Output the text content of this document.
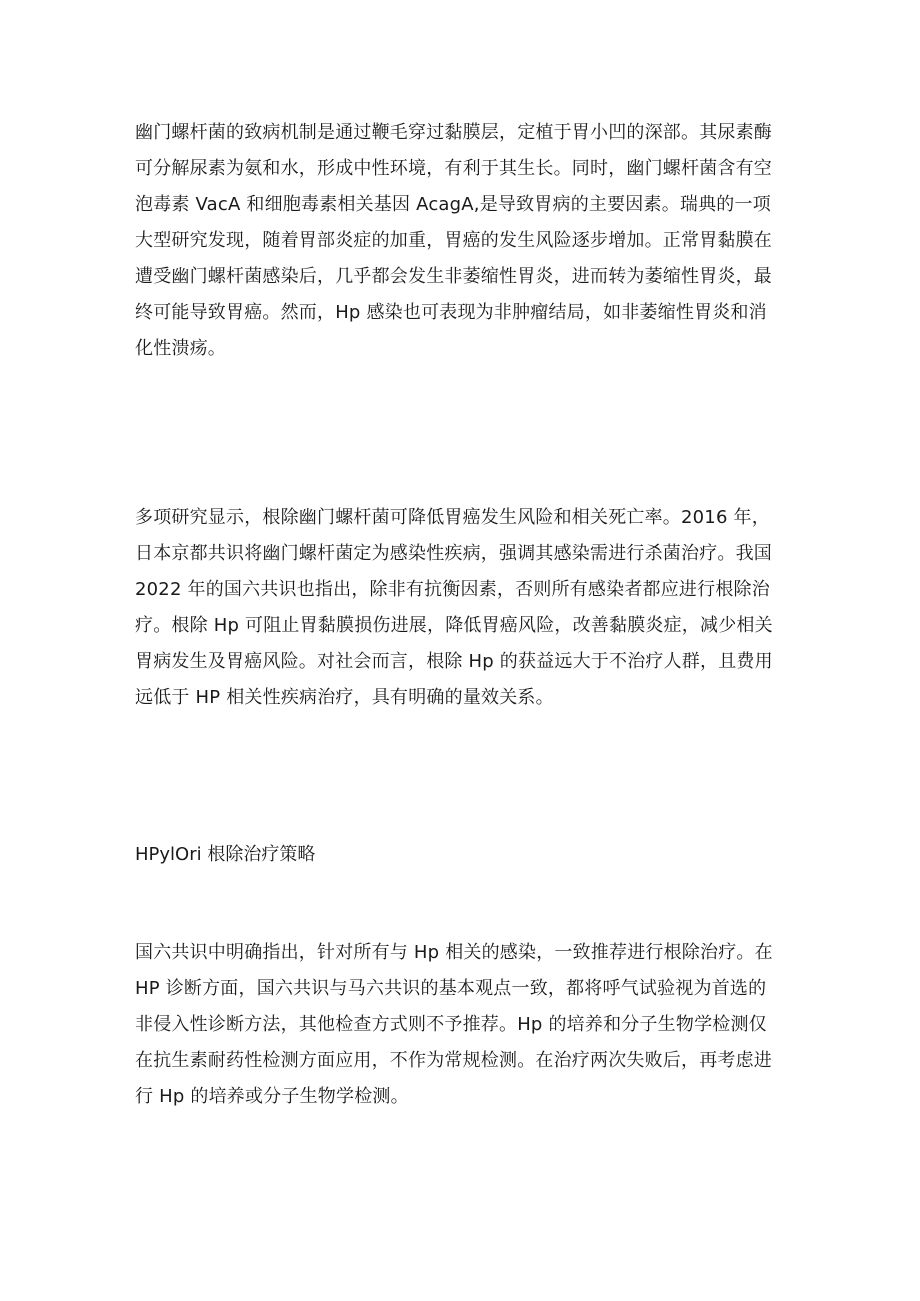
幽门螺杆菌的致病机制是通过鞭毛穿过黏膜层，定植于胃小凹的深部。其尿素酶
可分解尿素为氨和水，形成中性环境，有利于其生长。同时，幽门螺杆菌含有空
泡毒素 VacA 和细胞毒素相关基因 AcagA,是导致胃病的主要因素。瑞典的一项
大型研究发现，随着胃部炎症的加重，胃癌的发生风险逐步增加。正常胃黏膜在
遭受幽门螺杆菌感染后，几乎都会发生非萎缩性胃炎，进而转为萎缩性胃炎，最
终可能导致胃癌。然而，Hp 感染也可表现为非肿瘤结局，如非萎缩性胃炎和消
化性溃疡。

多项研究显示，根除幽门螺杆菌可降低胃癌发生风险和相关死亡率。2016 年，
日本京都共识将幽门螺杆菌定为感染性疾病，强调其感染需进行杀菌治疗。我国
2022 年的国六共识也指出，除非有抗衡因素，否则所有感染者都应进行根除治
疗。根除 Hp 可阻止胃黏膜损伤进展，降低胃癌风险，改善黏膜炎症，减少相关
胃病发生及胃癌风险。对社会而言，根除 Hp 的获益远大于不治疗人群，且费用
远低于 HP 相关性疾病治疗，具有明确的量效关系。

HPylOri 根除治疗策略

国六共识中明确指出，针对所有与 Hp 相关的感染，一致推荐进行根除治疗。在
HP 诊断方面，国六共识与马六共识的基本观点一致，都将呼气试验视为首选的
非侵入性诊断方法，其他检查方式则不予推荐。Hp 的培养和分子生物学检测仅
在抗生素耐药性检测方面应用，不作为常规检测。在治疗两次失败后，再考虑进
行 Hp 的培养或分子生物学检测。
